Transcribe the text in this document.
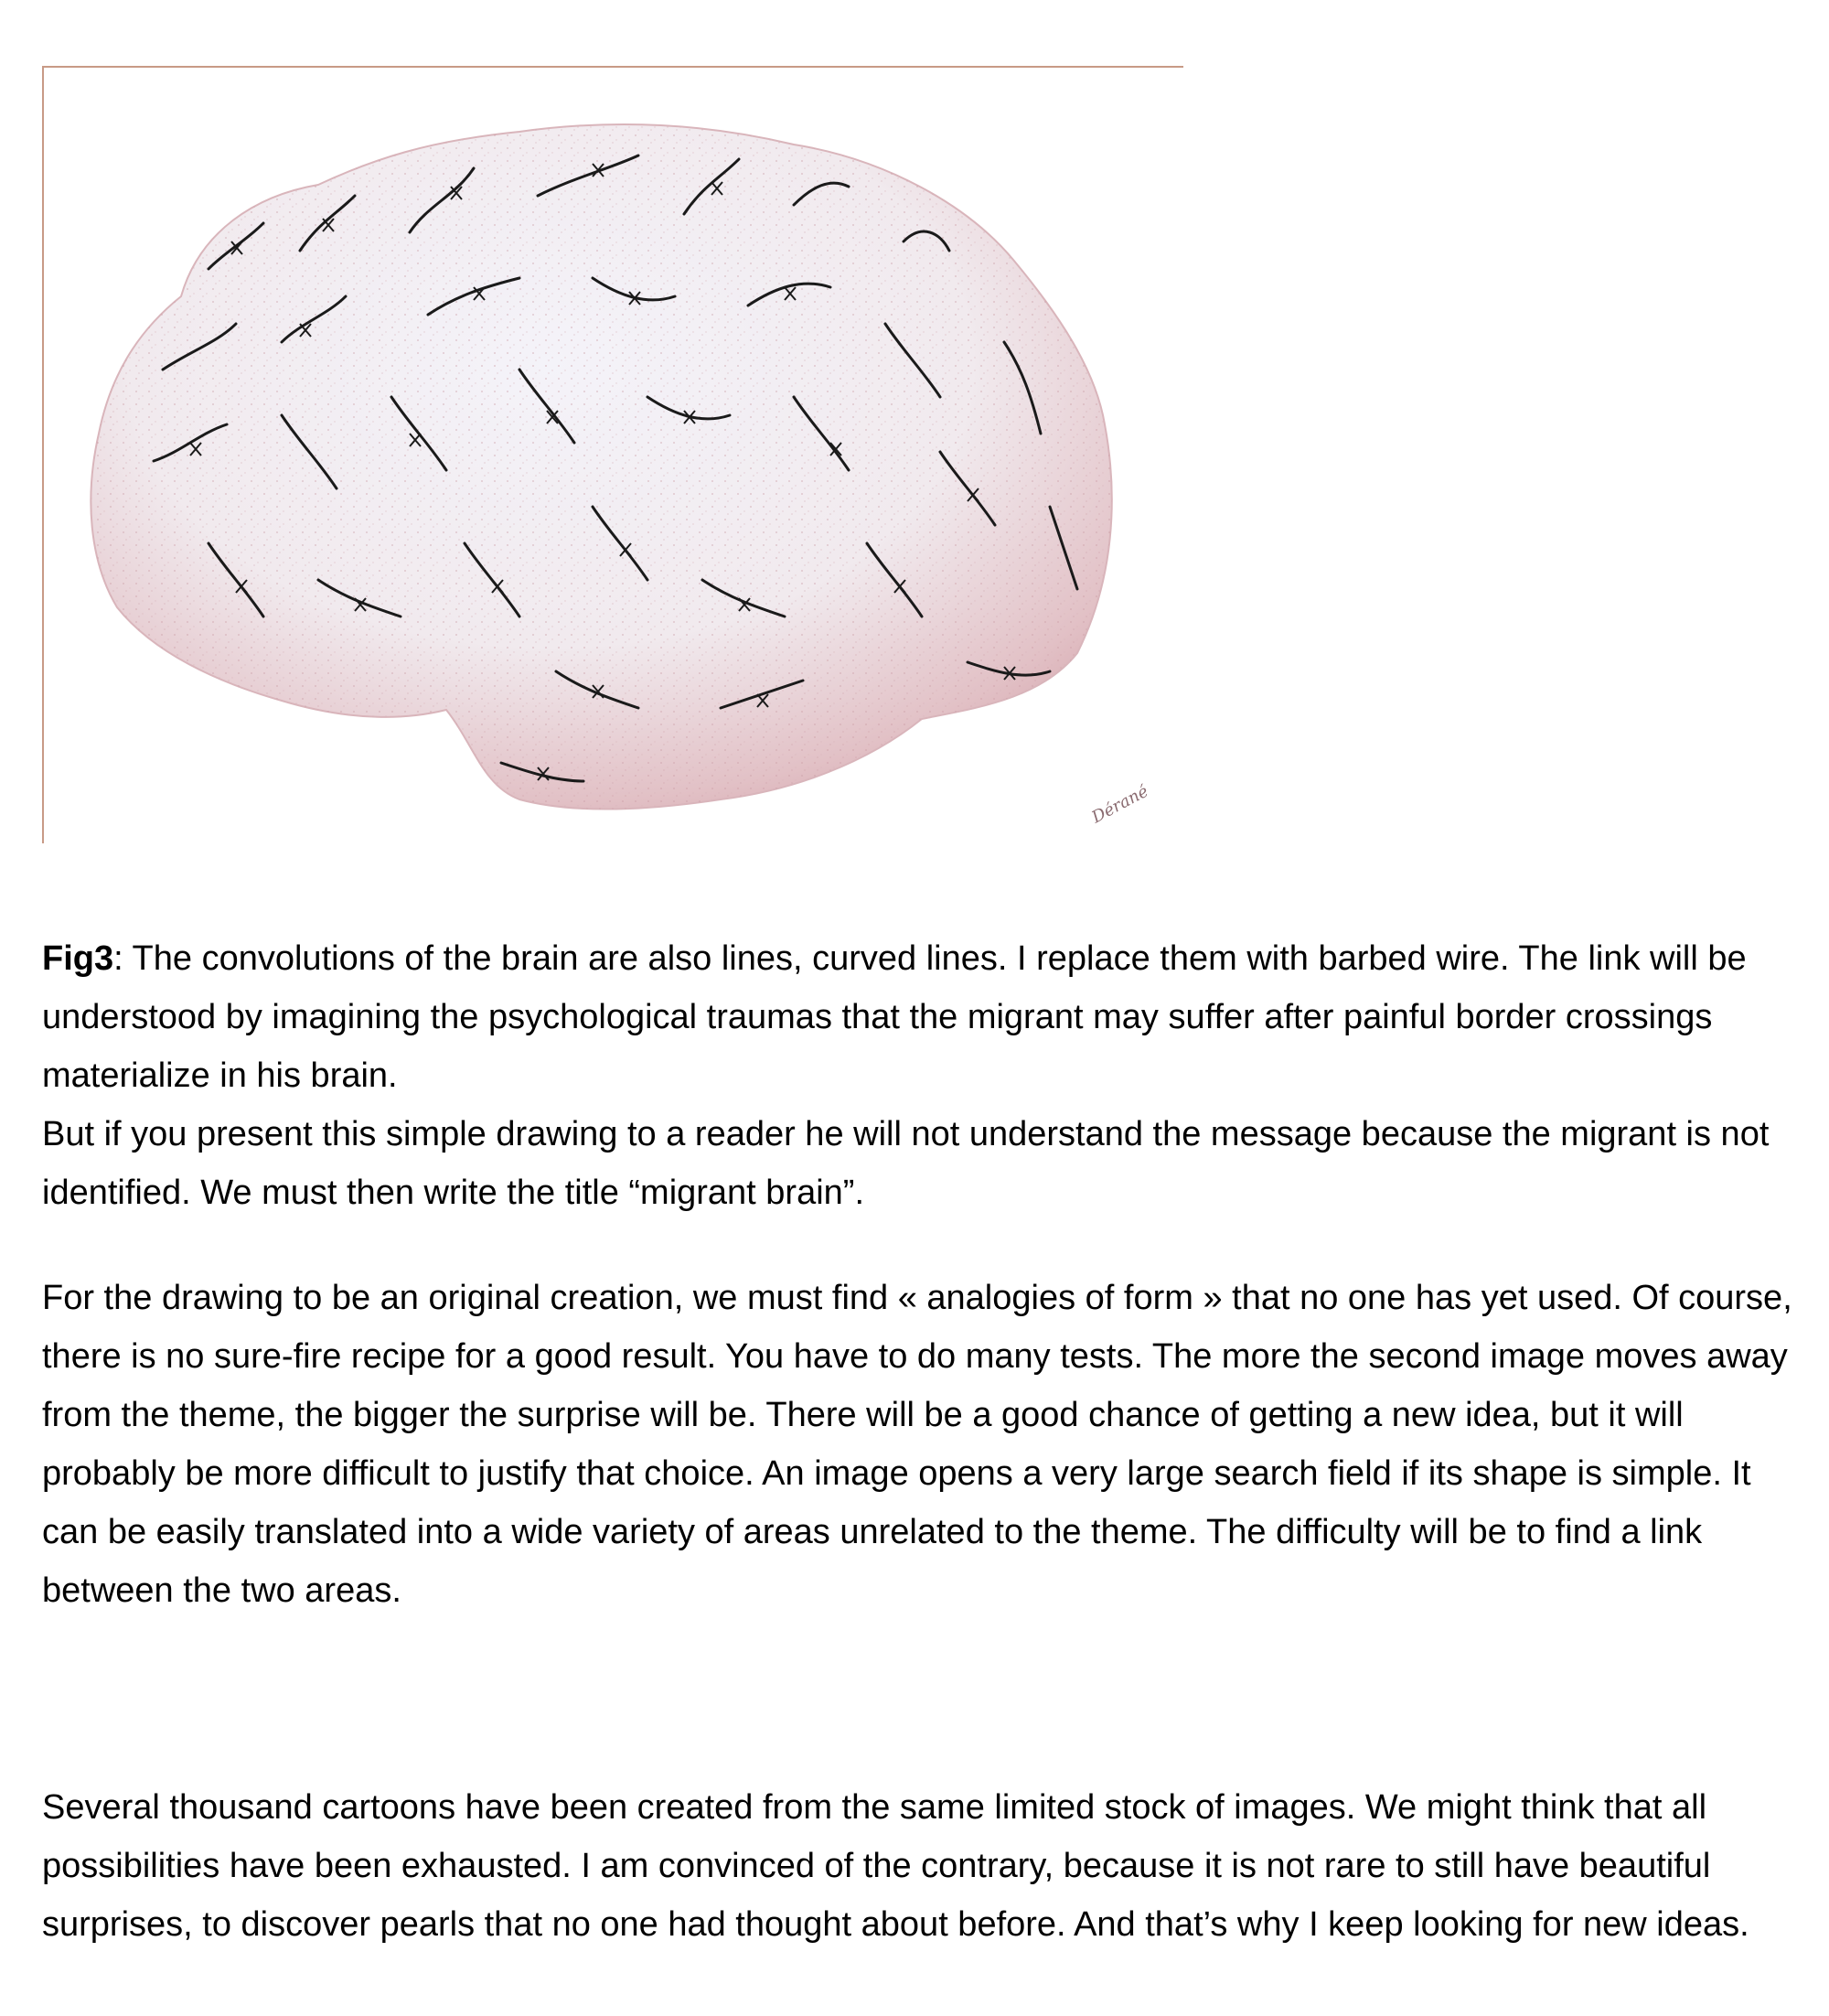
Dérané

Fig3: The convolutions of the brain are also lines, curved lines. I replace them with barbed wire. The link will be understood by imagining the psychological traumas that the migrant may suffer after painful border crossings materialize in his brain.

But if you present this simple drawing to a reader he will not understand the message because the migrant is not identified. We must then write the title “migrant brain”.

For the drawing to be an original creation, we must find « analogies of form » that no one has yet used. Of course, there is no sure-fire recipe for a good result. You have to do many tests. The more the second image moves away from the theme, the bigger the surprise will be. There will be a good chance of getting a new idea, but it will probably be more difficult to justify that choice. An image opens a very large search field if its shape is simple. It can be easily translated into a wide variety of areas unrelated to the theme. The difficulty will be to find a link between the two areas.

Several thousand cartoons have been created from the same limited stock of images. We might think that all possibilities have been exhausted. I am convinced of the contrary, because it is not rare to still have beautiful surprises, to discover pearls that no one had thought about before. And that’s why I keep looking for new ideas.
